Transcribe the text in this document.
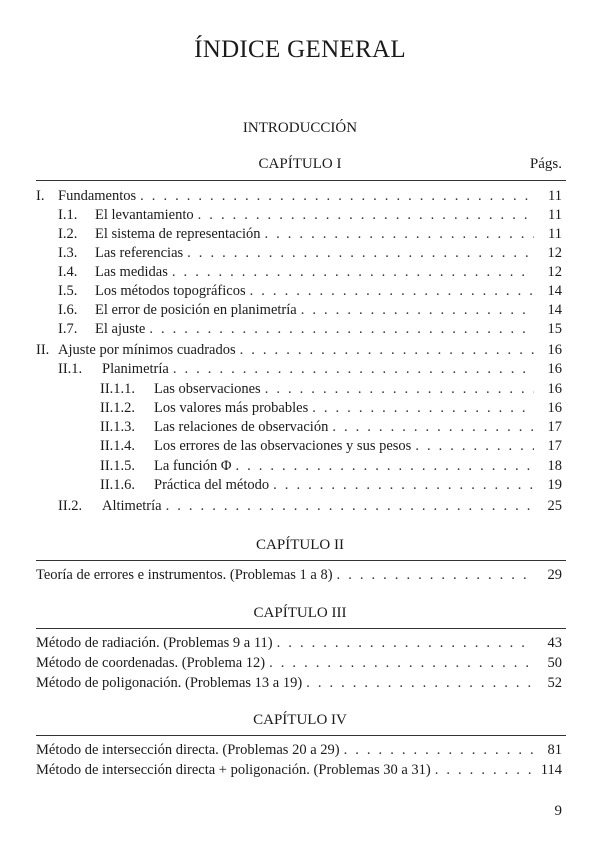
ÍNDICE GENERAL
INTRODUCCIÓN
CAPÍTULO I	Págs.
I. Fundamentos . . .	11
I.1.	El levantamiento . . .	11
I.2.	El sistema de representación . . .	11
I.3.	Las referencias . . .	12
I.4.	Las medidas . . .	12
I.5.	Los métodos topográficos . . .	14
I.6.	El error de posición en planimetría . . .	14
I.7.	El ajuste . . .	15
II. Ajuste por mínimos cuadrados . . .	16
II.1.	Planimetría . . .	16
II.1.1.	Las observaciones . . .	16
II.1.2.	Los valores más probables . . .	16
II.1.3.	Las relaciones de observación . . .	17
II.1.4.	Los errores de las observaciones y sus pesos . . .	17
II.1.5.	La función Φ . . .	18
II.1.6.	Práctica del método . . .	19
II.2.	Altimetría . . .	25
CAPÍTULO II
Teoría de errores e instrumentos. (Problemas 1 a 8) . . .	29
CAPÍTULO III
Método de radiación. (Problemas 9 a 11) . . .	43
Método de coordenadas. (Problema 12) . . .	50
Método de poligonación. (Problemas 13 a 19) . . .	52
CAPÍTULO IV
Método de intersección directa. (Problemas 20 a 29) . . .	81
Método de intersección directa + poligonación. (Problemas 30 a 31) . . .	114
9
